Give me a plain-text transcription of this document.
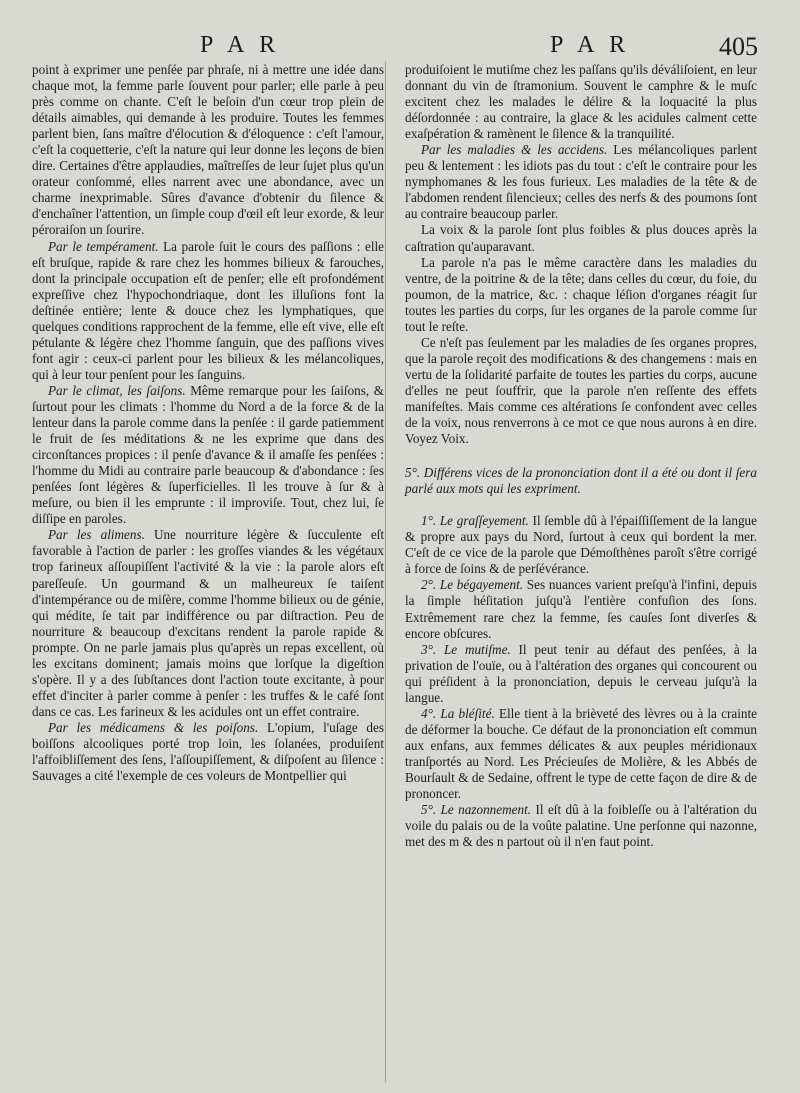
P A R	P A R	405

point à exprimer une penſée par phraſe, ni à mettre une idée dans chaque mot, la femme parle ſouvent pour parler; elle parle à peu près comme on chante. C'eſt le beſoin d'un cœur trop plein de détails aimables, qui demande à les produire. Toutes les femmes parlent bien, ſans maître d'élocution & d'éloquence : c'eſt l'amour, c'eſt la coquetterie, c'eſt la nature qui leur donne les leçons de bien dire. Certaines d'être applaudies, maîtreſſes de leur ſujet plus qu'un orateur conſommé, elles narrent avec une abondance, avec un charme inexprimable. Sûres d'avance d'obtenir du ſilence & d'enchaîner l'attention, un ſimple coup d'œil eſt leur exorde, & leur péroraiſon un ſourire.

Par le tempérament. La parole ſuit le cours des paſſions : elle eſt bruſque, rapide & rare chez les hommes bilieux & farouches, dont la principale occupation eſt de penſer; elle eſt profondément expreſſive chez l'hypochondriaque, dont les illuſions font la deſtinée entière; lente & douce chez les lymphatiques, que quelques conditions rapprochent de la femme, elle eſt vive, elle eſt pétulante & légère chez l'homme ſanguin, que des paſſions vives font agir : ceux-ci parlent pour les bilieux & les mélancoliques, qui à leur tour penſent pour les ſanguins.

Par le climat, les ſaiſons. Même remarque pour les ſaiſons, & ſurtout pour les climats : l'homme du Nord a de la force & de la lenteur dans la parole comme dans la penſée : il garde patiemment le fruit de ſes méditations & ne les exprime que dans des circonſtances propices : il penſe d'avance & il amaſſe ſes penſées : l'homme du Midi au contraire parle beaucoup & d'abondance : ſes penſées ſont légères & ſuperficielles. Il les trouve à ſur & à meſure, ou bien il les emprunte : il improviſe. Tout, chez lui, ſe diſſipe en paroles.

Par les alimens. Une nourriture légère & ſucculente eſt favorable à l'action de parler : les groſſes viandes & les végétaux trop farineux aſſoupiſſent l'activité & la vie : la parole alors eſt pareſſeuſe. Un gourmand & un malheureux ſe taiſent d'intempérance ou de miſère, comme l'homme bilieux ou de génie, qui médite, ſe tait par indifférence ou par diſtraction. Peu de nourriture & beaucoup d'excitans rendent la parole rapide & prompte. On ne parle jamais plus qu'après un repas excellent, où les excitans dominent; jamais moins que lorſque la digeſtion s'opère. Il y a des ſubſtances dont l'action toute excitante, à pour effet d'inciter à parler comme à penſer : les truffes & le café ſont dans ce cas. Les farineux & les acidules ont un effet contraire.

Par les médicamens & les poiſons. L'opium, l'uſage des boiſſons alcooliques porté trop loin, les ſolanées, produiſent l'affoibliſſement des ſens, l'aſſoupiſſement, & diſpoſent au ſilence : Sauvages a cité l'exemple de ces voleurs de Montpellier qui

produiſoient le mutiſme chez les paſſans qu'ils déváliſoient, en leur donnant du vin de ſtramonium. Souvent le camphre & le muſc excitent chez les malades le délire & la loquacité la plus déſordonnée : au contraire, la glace & les acidules calment cette exaſpération & ramènent le ſilence & la tranquilité.

Par les maladies & les accidens. Les mélancoliques parlent peu & lentement : les idiots pas du tout : c'eſt le contraire pour les nymphomanes & les fous furieux. Les maladies de la tête & de l'abdomen rendent ſilencieux; celles des nerfs & des poumons ſont au contraire beaucoup parler.

La voix & la parole ſont plus foibles & plus douces après la caſtration qu'auparavant.

La parole n'a pas le même caractère dans les maladies du ventre, de la poitrine & de la tête; dans celles du cœur, du foie, du poumon, de la matrice, &c. : chaque léſion d'organes réagit ſur toutes les parties du corps, ſur les organes de la parole comme ſur tout le reſte.

Ce n'eſt pas ſeulement par les maladies de ſes organes propres, que la parole reçoit des modifications & des changemens : mais en vertu de la ſolidarité parfaite de toutes les parties du corps, aucune d'elles ne peut ſouffrir, que la parole n'en reſſente des effets manifeſtes. Mais comme ces altérations ſe confondent avec celles de la voix, nous renverrons à ce mot ce que nous aurons à en dire. Voyez Voix.

5°. Différens vices de la prononciation dont il a été ou dont il ſera parlé aux mots qui les expriment.

1°. Le graſſeyement. Il ſemble dû à l'épaiſſiſſement de la langue & propre aux pays du Nord, ſurtout à ceux qui bordent la mer. C'eſt de ce vice de la parole que Démoſthènes paroît s'être corrigé à force de ſoins & de perſévérance.

2°. Le bégayement. Ses nuances varient preſqu'à l'infini, depuis la ſimple héſitation juſqu'à l'entière confuſion des ſons. Extrêmement rare chez la femme, ſes cauſes ſont diverſes & encore obſcures.

3°. Le mutiſme. Il peut tenir au défaut des penſées, à la privation de l'ouïe, ou à l'altération des organes qui concourent ou qui préſident à la prononciation, depuis le cerveau juſqu'à la langue.

4°. La bléſité. Elle tient à la brièveté des lèvres ou à la crainte de déformer la bouche. Ce défaut de la prononciation eſt commun aux enfans, aux femmes délicates & aux peuples méridionaux tranſportés au Nord. Les Précieuſes de Molière, & les Abbés de Bourſault & de Sedaine, offrent le type de cette façon de dire & de prononcer.

5°. Le nazonnement. Il eſt dû à la foibleſſe ou à l'altération du voile du palais ou de la voûte palatine. Une perſonne qui nazonne, met des m & des n partout où il n'en faut point.
